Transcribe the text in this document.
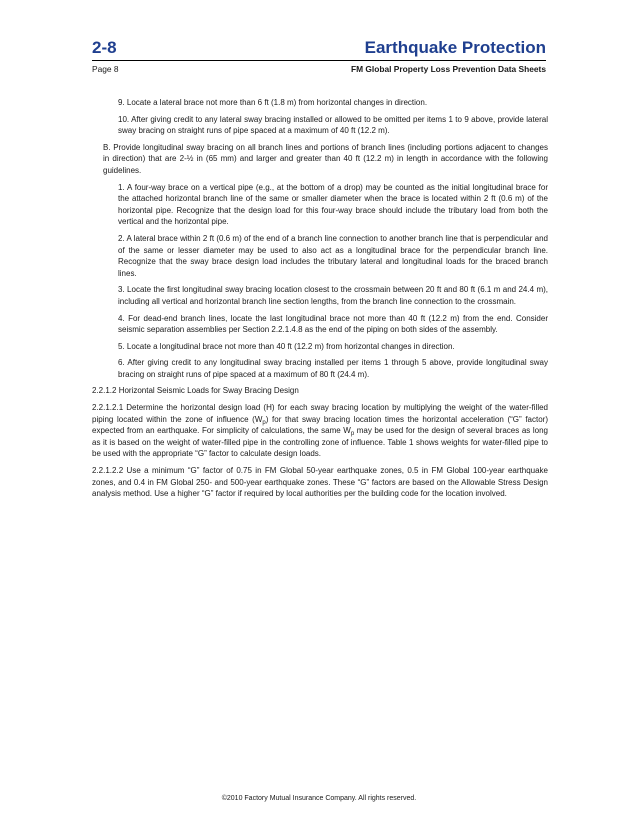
2-8	Earthquake Protection
Page 8	FM Global Property Loss Prevention Data Sheets

9. Locate a lateral brace not more than 6 ft (1.8 m) from horizontal changes in direction.

10. After giving credit to any lateral sway bracing installed or allowed to be omitted per items 1 to 9 above, provide lateral sway bracing on straight runs of pipe spaced at a maximum of 40 ft (12.2 m).

B. Provide longitudinal sway bracing on all branch lines and portions of branch lines (including portions adjacent to changes in direction) that are 2-½ in (65 mm) and larger and greater than 40 ft (12.2 m) in length in accordance with the following guidelines.

1. A four-way brace on a vertical pipe (e.g., at the bottom of a drop) may be counted as the initial longitudinal brace for the attached horizontal branch line of the same or smaller diameter when the brace is located within 2 ft (0.6 m) of the horizontal pipe. Recognize that the design load for this four-way brace should include the tributary load from both the vertical and the horizontal pipe.

2. A lateral brace within 2 ft (0.6 m) of the end of a branch line connection to another branch line that is perpendicular and of the same or lesser diameter may be used to also act as a longitudinal brace for the perpendicular branch line. Recognize that the sway brace design load includes the tributary lateral and longitudinal loads for the braced branch lines.

3. Locate the first longitudinal sway bracing location closest to the crossmain between 20 ft and 80 ft (6.1 m and 24.4 m), including all vertical and horizontal branch line section lengths, from the branch line connection to the crossmain.

4. For dead-end branch lines, locate the last longitudinal brace not more than 40 ft (12.2 m) from the end. Consider seismic separation assemblies per Section 2.2.1.4.8 as the end of the piping on both sides of the assembly.

5. Locate a longitudinal brace not more than 40 ft (12.2 m) from horizontal changes in direction.

6. After giving credit to any longitudinal sway bracing installed per items 1 through 5 above, provide longitudinal sway bracing on straight runs of pipe spaced at a maximum of 80 ft (24.4 m).

2.2.1.2 Horizontal Seismic Loads for Sway Bracing Design

2.2.1.2.1 Determine the horizontal design load (H) for each sway bracing location by multiplying the weight of the water-filled piping located within the zone of influence $(W_p)$ for that sway bracing location times the horizontal acceleration (“G” factor) expected from an earthquake. For simplicity of calculations, the same $W_p$ may be used for the design of several braces as long as it is based on the weight of water-filled pipe in the controlling zone of influence. Table 1 shows weights for water-filled pipe to be used with the appropriate “G” factor to calculate design loads.

2.2.1.2.2 Use a minimum “G” factor of 0.75 in FM Global 50-year earthquake zones, 0.5 in FM Global 100-year earthquake zones, and 0.4 in FM Global 250- and 500-year earthquake zones. These “G” factors are based on the Allowable Stress Design analysis method. Use a higher “G” factor if required by local authorities per the building code for the location involved.

©2010 Factory Mutual Insurance Company. All rights reserved.
